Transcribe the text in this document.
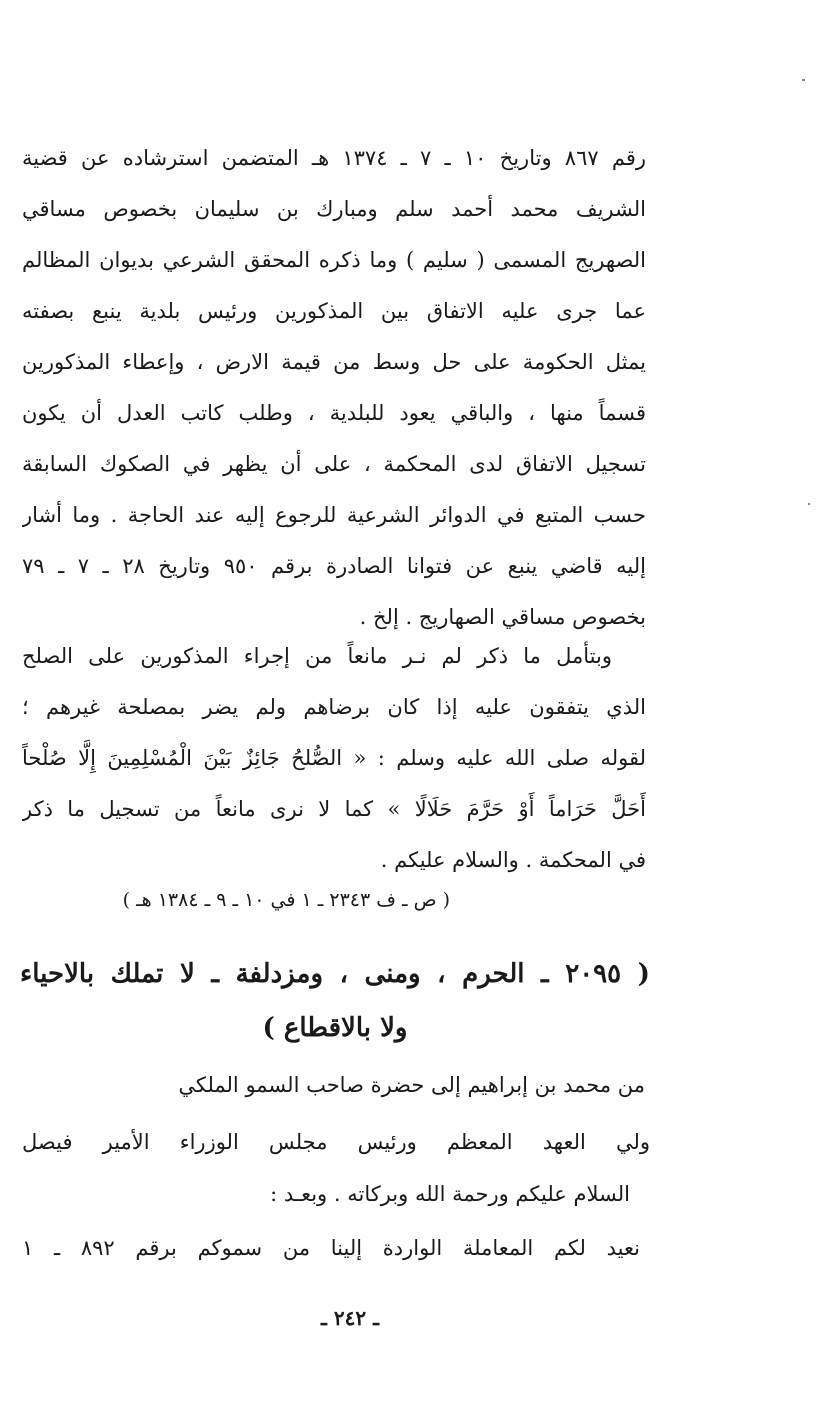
رقم ٨٦٧ وتاريخ ١٠ ـ ٧ ـ ١٣٧٤ هـ المتضمن استرشاده عن قضية
الشريف محمد أحمد سلم ومبارك بن سليمان بخصوص مساقي
الصهريج المسمى ( سليم ) وما ذكره المحقق الشرعي بديوان المظالم
عما جرى عليه الاتفاق بين المذكورين ورئيس بلدية ينبع بصفته
يمثل الحكومة على حل وسط من قيمة الارض ، وإعطاء المذكورين
قسماً منها ، والباقي يعود للبلدية ، وطلب كاتب العدل أن يكون
تسجيل الاتفاق لدى المحكمة ، على أن يظهر في الصكوك السابقة
حسب المتبع في الدوائر الشرعية للرجوع إليه عند الحاجة . وما أشار
إليه قاضي ينبع عن فتوانا الصادرة برقم ٩٥٠ وتاريخ ٢٨ ـ ٧ ـ ٧٩
بخصوص مساقي الصهاريج . إلخ .
وبتأمل ما ذكر لم نـر مانعاً من إجراء المذكورين على الصلح
الذي يتفقون عليه إذا كان برضاهم ولم يضر بمصلحة غيرهم ؛
لقوله صلى الله عليه وسلم : « الصُّلحُ جَائِزٌ بَيْنَ الْمُسْلِمِينَ إِلَّا صُلْحاً
أَحَلَّ حَرَاماً أَوْ حَرَّمَ حَلَالًا » كما لا نرى مانعاً من تسجيل ما ذكر
في المحكمة . والسلام عليكم .
( ص ـ ف ٢٣٤٣ ـ ١ في ١٠ ـ ٩ ـ ١٣٨٤ هـ )
( ٢٠٩٥ ـ الحرم ، ومنى ، ومزدلفة ـ لا تملك بالاحياء
ولا بالاقطاع )
من محمد بن إبراهيم إلى حضرة صاحب السمو الملكي
ولي العهد المعظم ورئيس مجلس الوزراء الأمير فيصل
السلام عليكم ورحمة الله وبركاته . وبعـد :
نعيد لكم المعاملة الواردة إلينا من سموكم برقم ٨٩٢ ـ ١
ـ ٢٤٢ ـ
